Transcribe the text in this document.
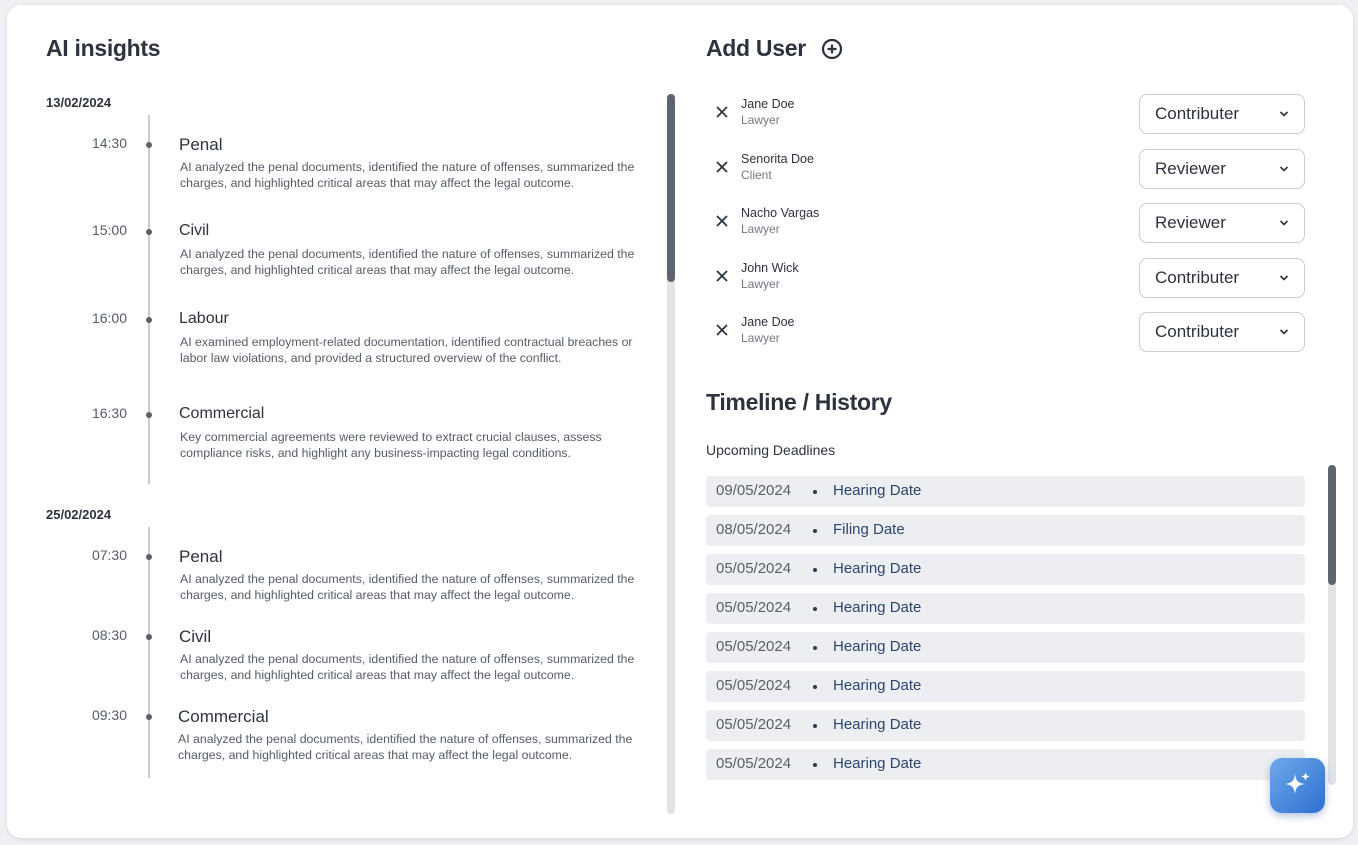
AI insights
13/02/2024
14:30	Penal
AI analyzed the penal documents, identified the nature of offenses, summarized the charges, and highlighted critical areas that may affect the legal outcome.
15:00	Civil
AI analyzed the penal documents, identified the nature of offenses, summarized the charges, and highlighted critical areas that may affect the legal outcome.
16:00	Labour
AI examined employment-related documentation, identified contractual breaches or labor law violations, and provided a structured overview of the conflict.
16:30	Commercial
Key commercial agreements were reviewed to extract crucial clauses, assess compliance risks, and highlight any business-impacting legal conditions.
25/02/2024
07:30	Penal
AI analyzed the penal documents, identified the nature of offenses, summarized the charges, and highlighted critical areas that may affect the legal outcome.
08:30	Civil
AI analyzed the penal documents, identified the nature of offenses, summarized the charges, and highlighted critical areas that may affect the legal outcome.
09:30	Commercial
AI analyzed the penal documents, identified the nature of offenses, summarized the charges, and highlighted critical areas that may affect the legal outcome.
Add User
Jane Doe
Lawyer	Contributer
Senorita Doe
Client	Reviewer
Nacho Vargas
Lawyer	Reviewer
John Wick
Lawyer	Contributer
Jane Doe
Lawyer	Contributer
Timeline / History
Upcoming Deadlines
09/05/2024	Hearing Date
08/05/2024	Filing Date
05/05/2024	Hearing Date
05/05/2024	Hearing Date
05/05/2024	Hearing Date
05/05/2024	Hearing Date
05/05/2024	Hearing Date
05/05/2024	Hearing Date
